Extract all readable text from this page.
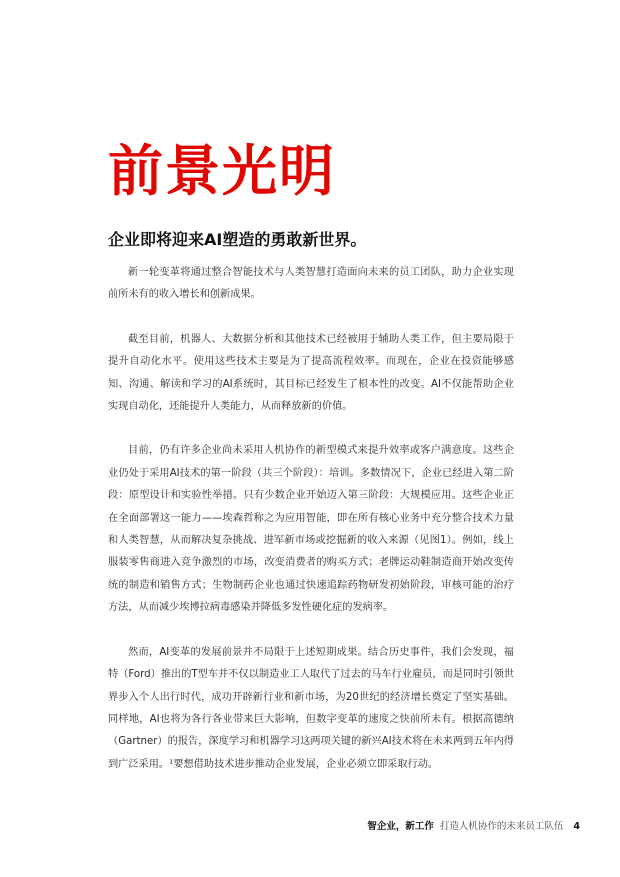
前景光明
企业即将迎来AI塑造的勇敢新世界。

新一轮变革将通过整合智能技术与人类智慧打造面向未来的员工团队，助力企业实现前所未有的收入增长和创新成果。

截至目前，机器人、大数据分析和其他技术已经被用于辅助人类工作，但主要局限于提升自动化水平。使用这些技术主要是为了提高流程效率。而现在，企业在投资能够感知、沟通、解读和学习的AI系统时，其目标已经发生了根本性的改变。AI不仅能帮助企业实现自动化，还能提升人类能力，从而释放新的价值。

目前，仍有许多企业尚未采用人机协作的新型模式来提升效率或客户满意度。这些企业仍处于采用AI技术的第一阶段（共三个阶段）：培训。多数情况下，企业已经进入第二阶段：原型设计和实验性举措。只有少数企业开始迈入第三阶段：大规模应用。这些企业正在全面部署这一能力——埃森哲称之为应用智能，即在所有核心业务中充分整合技术力量和人类智慧，从而解决复杂挑战、进军新市场或挖掘新的收入来源（见图1）。例如，线上服装零售商进入竞争激烈的市场，改变消费者的购买方式；老牌运动鞋制造商开始改变传统的制造和销售方式；生物制药企业也通过快速追踪药物研发初始阶段，审核可能的治疗方法，从而减少埃博拉病毒感染并降低多发性硬化症的发病率。

然而，AI变革的发展前景并不局限于上述短期成果。结合历史事件，我们会发现，福特（Ford）推出的T型车并不仅以制造业工人取代了过去的马车行业雇员，而是同时引领世界步入个人出行时代，成功开辟新行业和新市场，为20世纪的经济增长奠定了坚实基础。同样地，AI也将为各行各业带来巨大影响，但数字变革的速度之快前所未有。根据高德纳（Gartner）的报告，深度学习和机器学习这两项关键的新兴AI技术将在未来两到五年内得到广泛采用。¹要想借助技术进步推动企业发展，企业必须立即采取行动。

智企业，新工作 打造人机协作的未来员工队伍 4
